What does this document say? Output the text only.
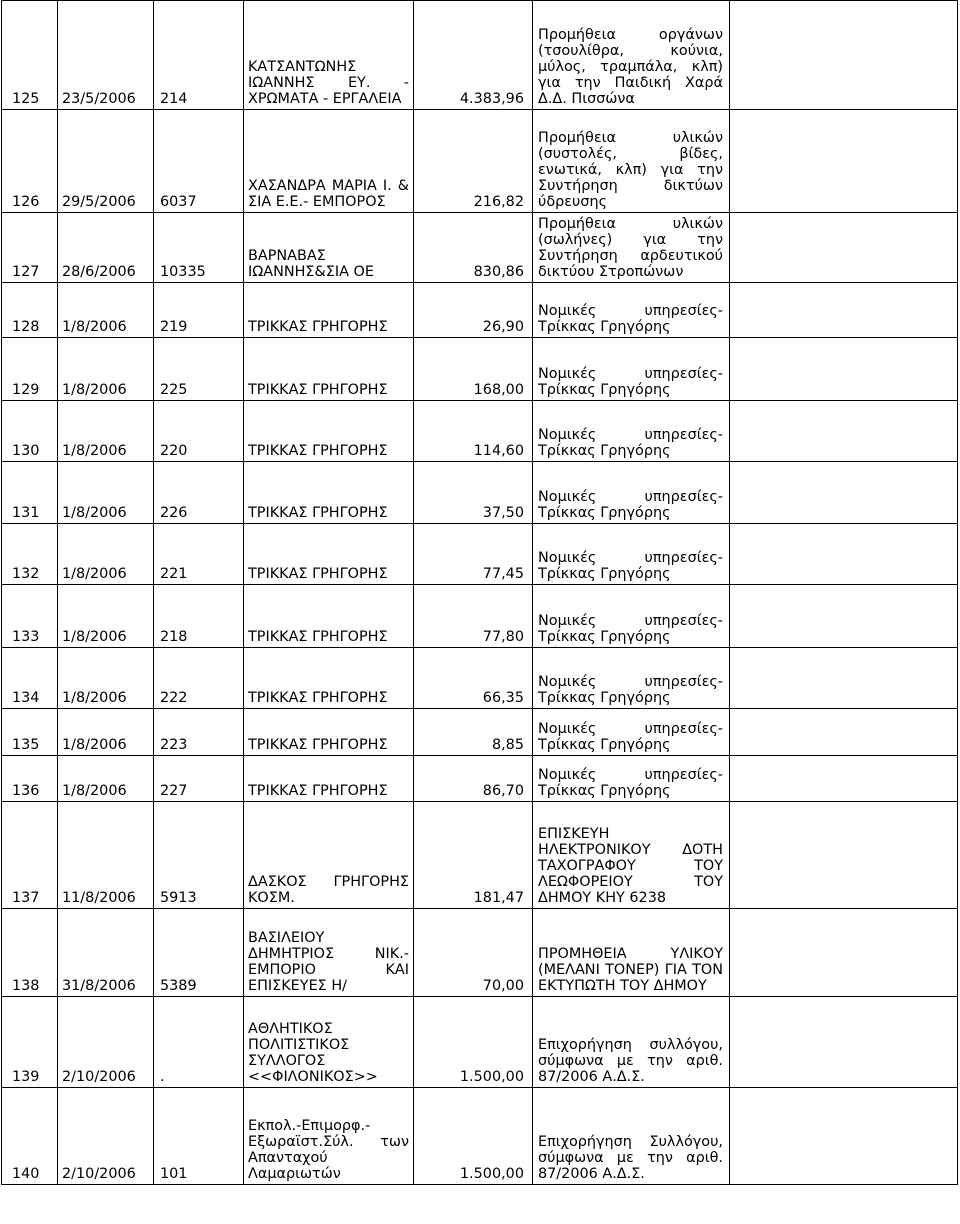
125	23/5/2006	214	ΚΑΤΣΑΝΤΩΝΗΣ ΙΩΑΝΝΗΣ ΕΥ. - ΧΡΩΜΑΤΑ - ΕΡΓΑΛΕΙΑ	4.383,96	Προμήθεια οργάνων (τσουλίθρα, κούνια, μύλος, τραμπάλα, κλπ) για την Παιδική Χαρά Δ.Δ. Πισσώνα	
126	29/5/2006	6037	ΧΑΣΑΝΔΡΑ ΜΑΡΙΑ Ι. & ΣΙΑ Ε.Ε.- ΕΜΠΟΡΟΣ	216,82	Προμήθεια υλικών (συστολές, βίδες, ενωτικά, κλπ) για την Συντήρηση δικτύων ύδρευσης	
127	28/6/2006	10335	ΒΑΡΝΑΒΑΣ ΙΩΑΝΝΗΣ&ΣΙΑ ΟΕ	830,86	Προμήθεια υλικών (σωλήνες) για την Συντήρηση αρδευτικού δικτύου Στροπώνων	
128	1/8/2006	219	ΤΡΙΚΚΑΣ ΓΡΗΓΟΡΗΣ	26,90	Νομικές υπηρεσίες- Τρίκκας Γρηγόρης	
129	1/8/2006	225	ΤΡΙΚΚΑΣ ΓΡΗΓΟΡΗΣ	168,00	Νομικές υπηρεσίες- Τρίκκας Γρηγόρης	
130	1/8/2006	220	ΤΡΙΚΚΑΣ ΓΡΗΓΟΡΗΣ	114,60	Νομικές υπηρεσίες- Τρίκκας Γρηγόρης	
131	1/8/2006	226	ΤΡΙΚΚΑΣ ΓΡΗΓΟΡΗΣ	37,50	Νομικές υπηρεσίες- Τρίκκας Γρηγόρης	
132	1/8/2006	221	ΤΡΙΚΚΑΣ ΓΡΗΓΟΡΗΣ	77,45	Νομικές υπηρεσίες- Τρίκκας Γρηγόρης	
133	1/8/2006	218	ΤΡΙΚΚΑΣ ΓΡΗΓΟΡΗΣ	77,80	Νομικές υπηρεσίες- Τρίκκας Γρηγόρης	
134	1/8/2006	222	ΤΡΙΚΚΑΣ ΓΡΗΓΟΡΗΣ	66,35	Νομικές υπηρεσίες- Τρίκκας Γρηγόρης	
135	1/8/2006	223	ΤΡΙΚΚΑΣ ΓΡΗΓΟΡΗΣ	8,85	Νομικές υπηρεσίες- Τρίκκας Γρηγόρης	
136	1/8/2006	227	ΤΡΙΚΚΑΣ ΓΡΗΓΟΡΗΣ	86,70	Νομικές υπηρεσίες- Τρίκκας Γρηγόρης	
137	11/8/2006	5913	ΔΑΣΚΟΣ ΓΡΗΓΟΡΗΣ ΚΟΣΜ.	181,47	ΕΠΙΣΚΕΥΗ ΗΛΕΚΤΡΟΝΙΚΟΥ ΔΟΤΗ ΤΑΧΟΓΡΑΦΟΥ ΤΟΥ ΛΕΩΦΟΡΕΙΟΥ ΤΟΥ ΔΗΜΟΥ ΚΗΥ 6238	
138	31/8/2006	5389	ΒΑΣΙΛΕΙΟΥ ΔΗΜΗΤΡΙΟΣ ΝΙΚ.- ΕΜΠΟΡΙΟ ΚΑΙ ΕΠΙΣΚΕΥΕΣ Η/	70,00	ΠΡΟΜΗΘΕΙΑ ΥΛΙΚΟΥ (ΜΕΛΑΝΙ ΤΟΝΕΡ) ΓΙΑ ΤΟΝ ΕΚΤΥΠΩΤΗ ΤΟΥ ΔΗΜΟΥ	
139	2/10/2006	.	ΑΘΛΗΤΙΚΟΣ ΠΟΛΙΤΙΣΤΙΚΟΣ ΣΥΛΛΟΓΟΣ <<ΦΙΛΟΝΙΚΟΣ>>	1.500,00	Επιχορήγηση συλλόγου, σύμφωνα με την αριθ. 87/2006 Α.Δ.Σ.	
140	2/10/2006	101	Εκπολ.-Επιμορφ.- Εξωραϊστ.Σύλ. των Απανταχού Λαμαριωτών	1.500,00	Επιχορήγηση Συλλόγου, σύμφωνα με την αριθ. 87/2006 Α.Δ.Σ.	
